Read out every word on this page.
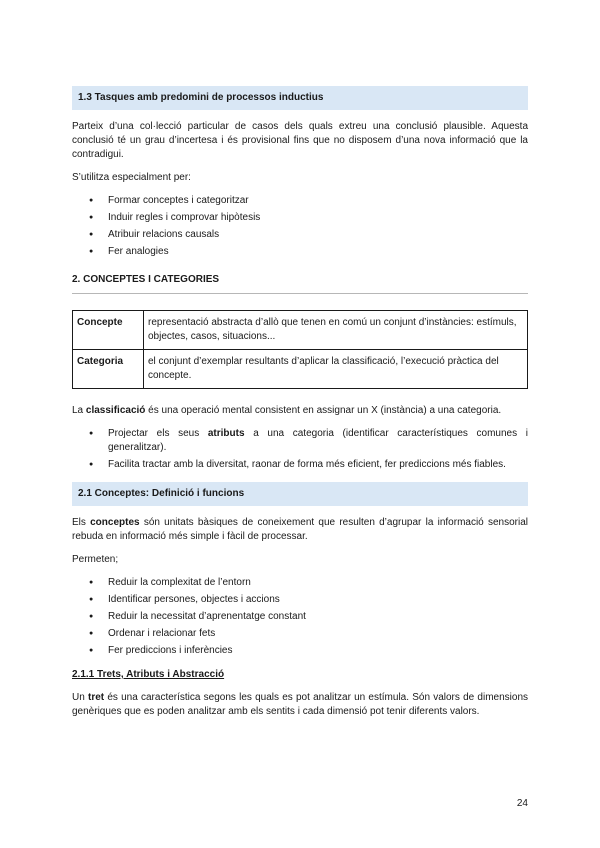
1.3 Tasques amb predomini de processos inductius

Parteix d’una col·lecció particular de casos dels quals extreu una conclusió plausible. Aquesta conclusió té un grau d’incertesa i és provisional fins que no disposem d’una nova informació que la contradigui.

S’utilitza especialment per:

● Formar conceptes i categoritzar
● Induir regles i comprovar hipòtesis
● Atribuir relacions causals
● Fer analogies
2. CONCEPTES I CATEGORIES
Concepte	representació abstracta d’allò que tenen en comú un conjunt d’instàncies: estímuls, objectes, casos, situacions...
Categoria	el conjunt d’exemplar resultants d’aplicar la classificació, l’execució pràctica del concepte.

La classificació és una operació mental consistent en assignar un X (instància) a una categoria.

● Projectar els seus atributs a una categoria (identificar característiques comunes i generalitzar).
● Facilita tractar amb la diversitat, raonar de forma més eficient, fer prediccions més fiables.
2.1 Conceptes: Definició i funcions

Els conceptes són unitats bàsiques de coneixement que resulten d’agrupar la informació sensorial rebuda en informació més simple i fàcil de processar.

Permeten;

● Reduir la complexitat de l’entorn
● Identificar persones, objectes i accions
● Reduir la necessitat d’aprenentatge constant
● Ordenar i relacionar fets
● Fer prediccions i inferències
2.1.1 Trets, Atributs i Abstracció

Un tret és una característica segons les quals es pot analitzar un estímula. Són valors de dimensions genèriques que es poden analitzar amb els sentits i cada dimensió pot tenir diferents valors.

24
